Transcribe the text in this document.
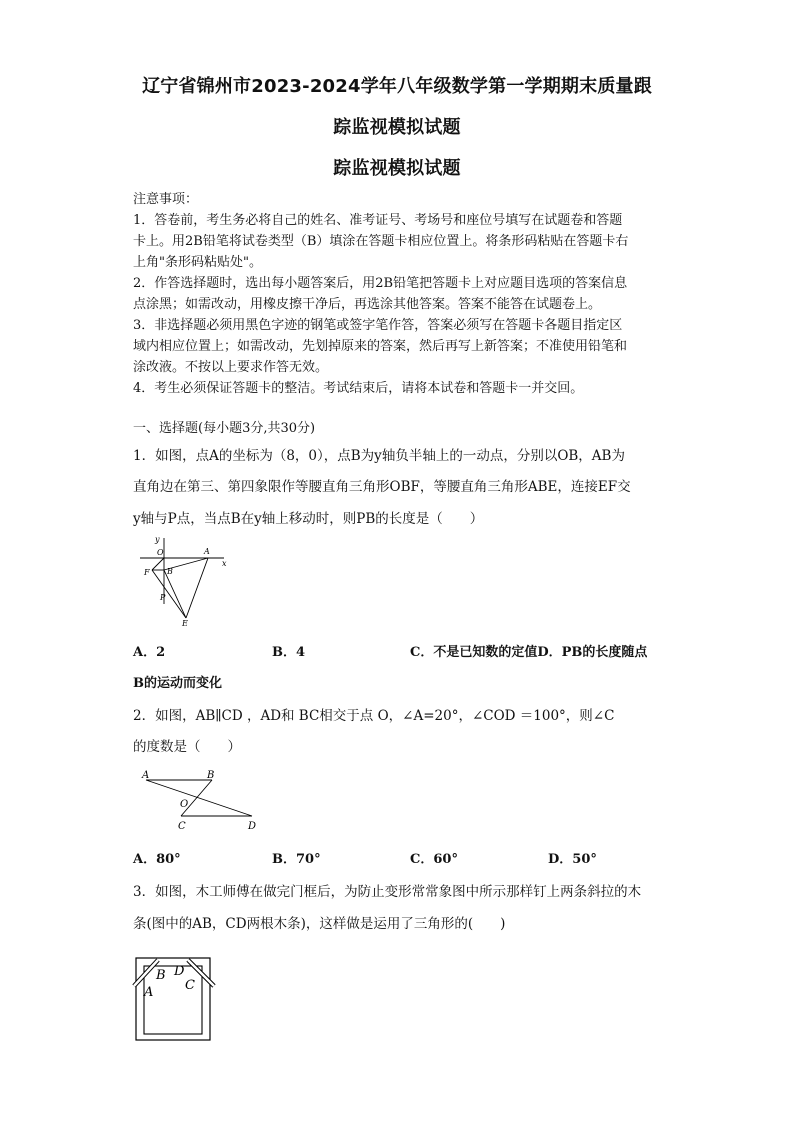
辽宁省锦州市2023-2024学年八年级数学第一学期期末质量跟
踪监视模拟试题
踪监视模拟试题
注意事项：
1．答卷前，考生务必将自己的姓名、准考证号、考场号和座位号填写在试题卷和答题
卡上。用2B铅笔将试卷类型（B）填涂在答题卡相应位置上。将条形码粘贴在答题卡右
上角"条形码粘贴处"。
2．作答选择题时，选出每小题答案后，用2B铅笔把答题卡上对应题目选项的答案信息
点涂黑；如需改动，用橡皮擦干净后，再选涂其他答案。答案不能答在试题卷上。
3．非选择题必须用黑色字迹的钢笔或签字笔作答，答案必须写在答题卡各题目指定区
域内相应位置上；如需改动，先划掉原来的答案，然后再写上新答案；不准使用铅笔和
涂改液。不按以上要求作答无效。
4．考生必须保证答题卡的整洁。考试结束后，请将本试卷和答题卡一并交回。
一、选择题(每小题3分,共30分)
1．如图，点A的坐标为（8，0），点B为y轴负半轴上的一动点，分别以OB，AB为
直角边在第三、第四象限作等腰直角三角形OBF，等腰直角三角形ABE，连接EF交
y轴与P点，当点B在y轴上移动时，则PB的长度是（　　）
y
x
O	A
B
F
P
E
A．2	B．4	C．不是已知数的定值D．PB的长度随点
B的运动而变化
2．如图，AB∥CD ，AD和 BC相交于点 O，∠A=20°，∠COD ＝100°，则∠C
的度数是（　　）
A	B
O
C	D
A．80°	B．70°	C．60°	D．50°
3．如图，木工师傅在做完门框后，为防止变形常常象图中所示那样钉上两条斜拉的木
条(图中的AB，CD两根木条)，这样做是运用了三角形的(　　)
B D
A C
